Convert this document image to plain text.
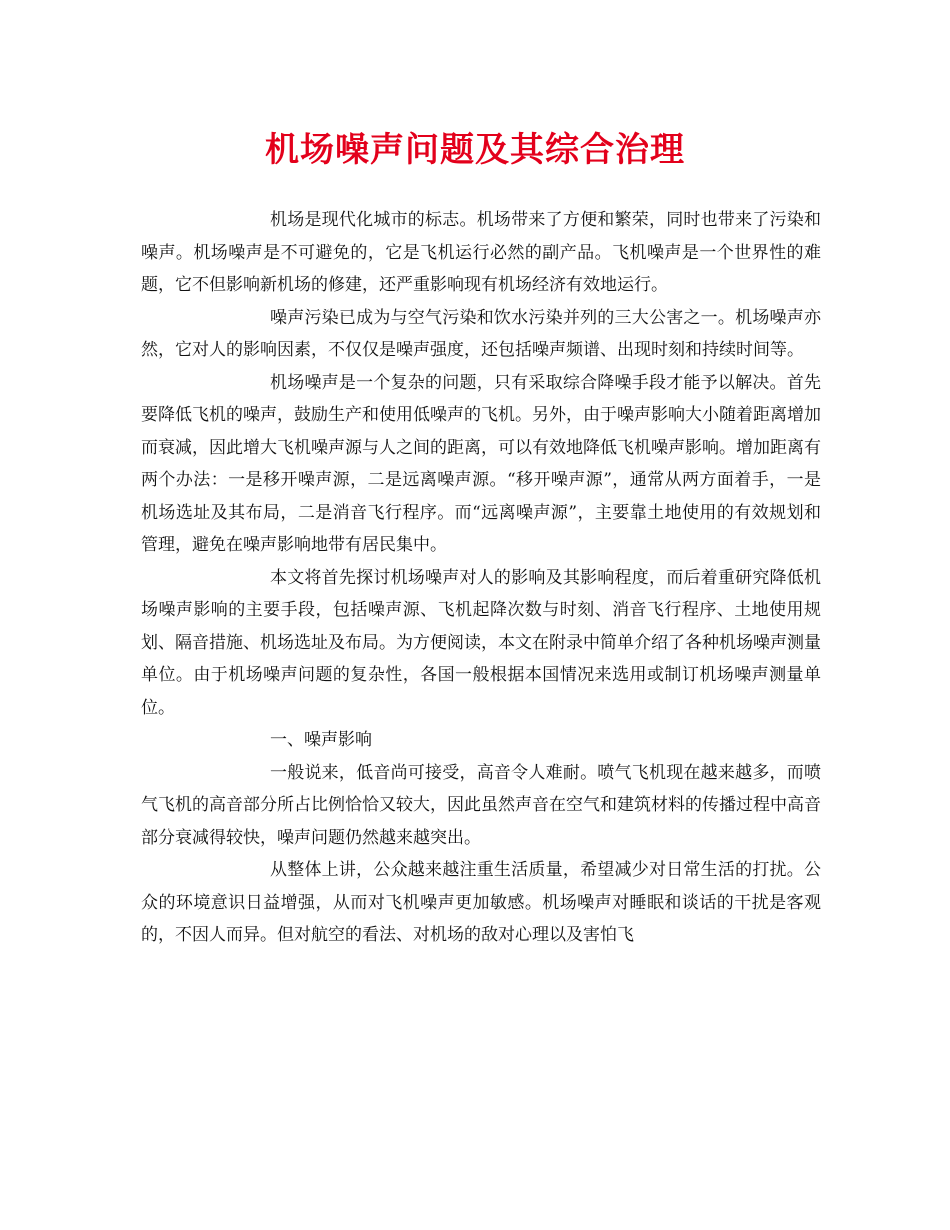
机场噪声问题及其综合治理

机场是现代化城市的标志。机场带来了方便和繁荣，同时也带来了污染和噪声。机场噪声是不可避免的，它是飞机运行必然的副产品。飞机噪声是一个世界性的难题，它不但影响新机场的修建，还严重影响现有机场经济有效地运行。

噪声污染已成为与空气污染和饮水污染并列的三大公害之一。机场噪声亦然，它对人的影响因素，不仅仅是噪声强度，还包括噪声频谱、出现时刻和持续时间等。

机场噪声是一个复杂的问题，只有采取综合降噪手段才能予以解决。首先要降低飞机的噪声，鼓励生产和使用低噪声的飞机。另外，由于噪声影响大小随着距离增加而衰减，因此增大飞机噪声源与人之间的距离，可以有效地降低飞机噪声影响。增加距离有两个办法：一是移开噪声源，二是远离噪声源。“移开噪声源”，通常从两方面着手，一是机场选址及其布局，二是消音飞行程序。而“远离噪声源”，主要靠土地使用的有效规划和管理，避免在噪声影响地带有居民集中。

本文将首先探讨机场噪声对人的影响及其影响程度，而后着重研究降低机场噪声影响的主要手段，包括噪声源、飞机起降次数与时刻、消音飞行程序、土地使用规划、隔音措施、机场选址及布局。为方便阅读，本文在附录中简单介绍了各种机场噪声测量单位。由于机场噪声问题的复杂性，各国一般根据本国情况来选用或制订机场噪声测量单位。

一、噪声影响

一般说来，低音尚可接受，高音令人难耐。喷气飞机现在越来越多，而喷气飞机的高音部分所占比例恰恰又较大，因此虽然声音在空气和建筑材料的传播过程中高音部分衰减得较快，噪声问题仍然越来越突出。

从整体上讲，公众越来越注重生活质量，希望减少对日常生活的打扰。公众的环境意识日益增强，从而对飞机噪声更加敏感。机场噪声对睡眠和谈话的干扰是客观的，不因人而异。但对航空的看法、对机场的敌对心理以及害怕飞
